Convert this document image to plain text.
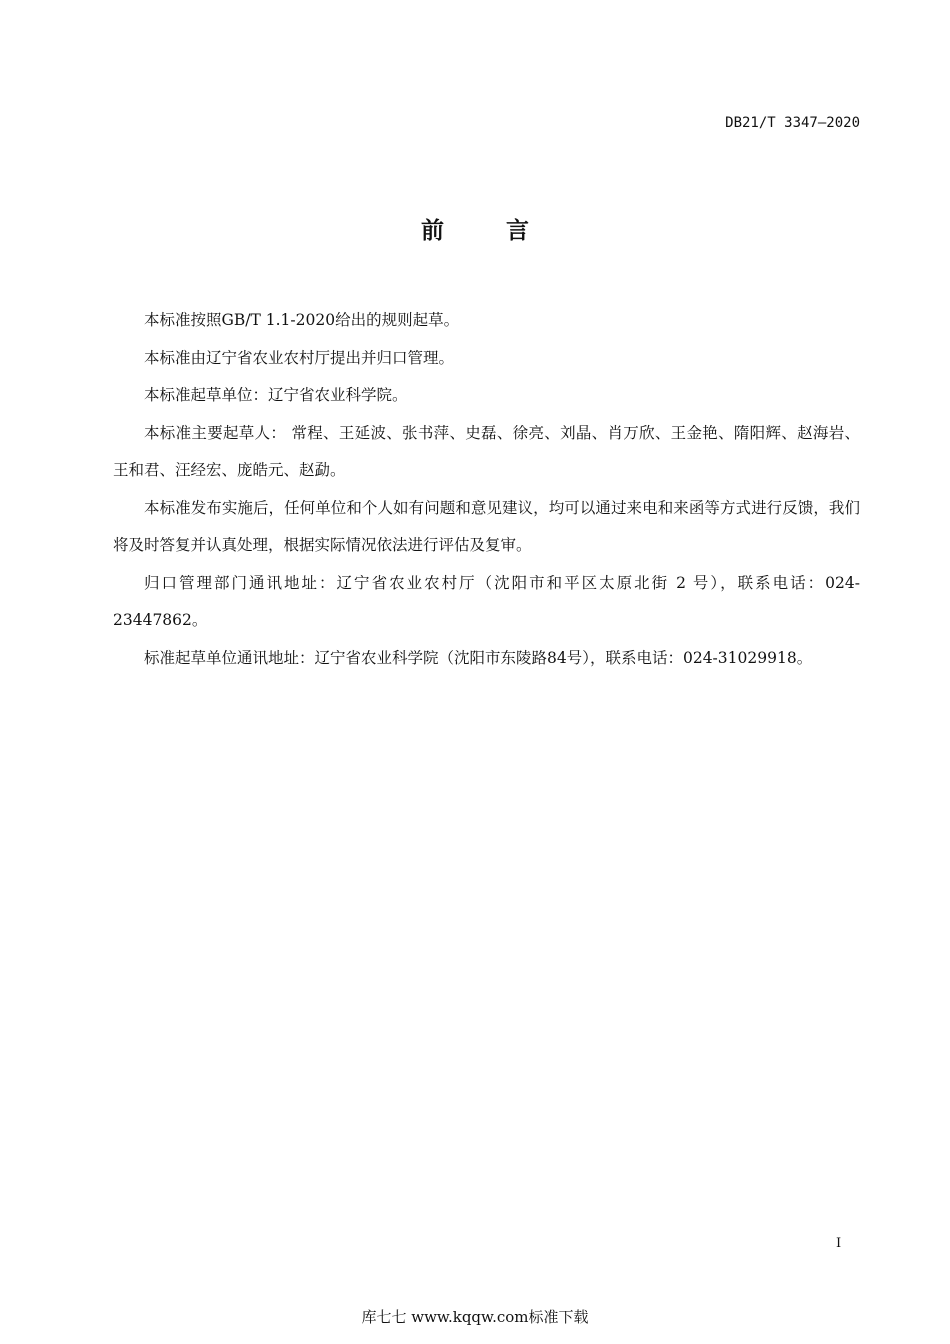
DB21/T 3347—2020
前言

本标准按照GB/T 1.1-2020给出的规则起草。

本标准由辽宁省农业农村厅提出并归口管理。

本标准起草单位：辽宁省农业科学院。

本标准主要起草人： 常程、王延波、张书萍、史磊、徐亮、刘晶、肖万欣、王金艳、隋阳辉、赵海岩、王和君、汪经宏、庞皓元、赵勐。

本标准发布实施后，任何单位和个人如有问题和意见建议，均可以通过来电和来函等方式进行反馈，我们将及时答复并认真处理，根据实际情况依法进行评估及复审。

归口管理部门通讯地址：辽宁省农业农村厅（沈阳市和平区太原北街 2 号），联系电话：024-23447862。

标准起草单位通讯地址：辽宁省农业科学院（沈阳市东陵路84号），联系电话：024-31029918。

I
库七七 www.kqqw.com标准下载
